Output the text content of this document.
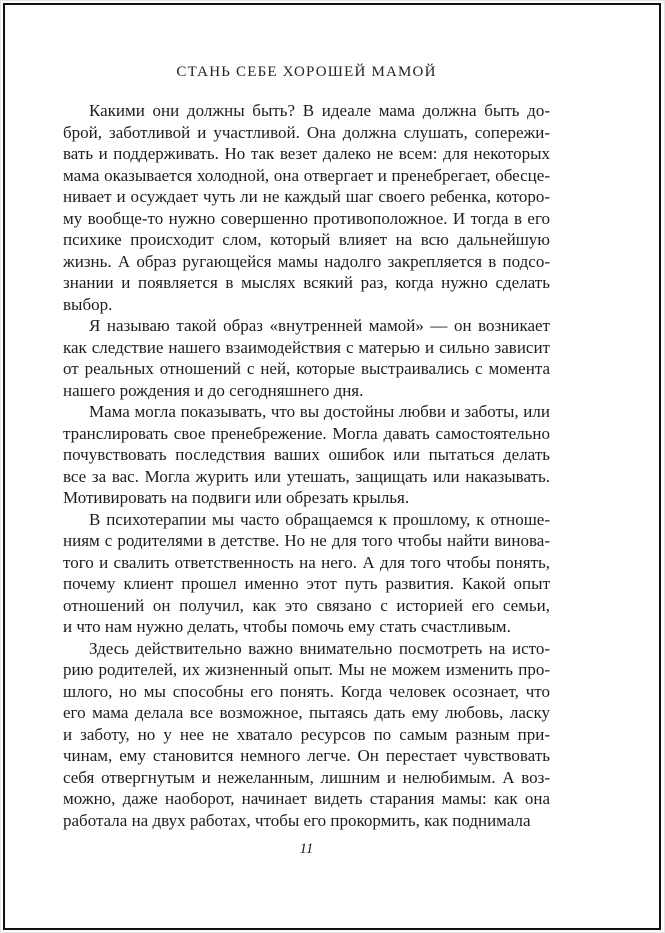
СТАНЬ СЕБЕ ХОРОШЕЙ МАМОЙ
Какими они должны быть? В идеале мама должна быть до-
брой, заботливой и участливой. Она должна слушать, сопережи-
вать и поддерживать. Но так везет далеко не всем: для некоторых
мама оказывается холодной, она отвергает и пренебрегает, обесце-
нивает и осуждает чуть ли не каждый шаг своего ребенка, которо-
му вообще-то нужно совершенно противоположное. И тогда в его
психике происходит слом, который влияет на всю дальнейшую
жизнь. А образ ругающейся мамы надолго закрепляется в подсо-
знании и появляется в мыслях всякий раз, когда нужно сделать
выбор.
Я называю такой образ «внутренней мамой» — он возникает
как следствие нашего взаимодействия с матерью и сильно зависит
от реальных отношений с ней, которые выстраивались с момента
нашего рождения и до сегодняшнего дня.
Мама могла показывать, что вы достойны любви и заботы, или
транслировать свое пренебрежение. Могла давать самостоятельно
почувствовать последствия ваших ошибок или пытаться делать
все за вас. Могла журить или утешать, защищать или наказывать.
Мотивировать на подвиги или обрезать крылья.
В психотерапии мы часто обращаемся к прошлому, к отноше-
ниям с родителями в детстве. Но не для того чтобы найти винова-
того и свалить ответственность на него. А для того чтобы понять,
почему клиент прошел именно этот путь развития. Какой опыт
отношений он получил, как это связано с историей его семьи,
и что нам нужно делать, чтобы помочь ему стать счастливым.
Здесь действительно важно внимательно посмотреть на исто-
рию родителей, их жизненный опыт. Мы не можем изменить про-
шлого, но мы способны его понять. Когда человек осознает, что
его мама делала все возможное, пытаясь дать ему любовь, ласку
и заботу, но у нее не хватало ресурсов по самым разным при-
чинам, ему становится немного легче. Он перестает чувствовать
себя отвергнутым и нежеланным, лишним и нелюбимым. А воз-
можно, даже наоборот, начинает видеть старания мамы: как она
работала на двух работах, чтобы его прокормить, как поднимала
11
